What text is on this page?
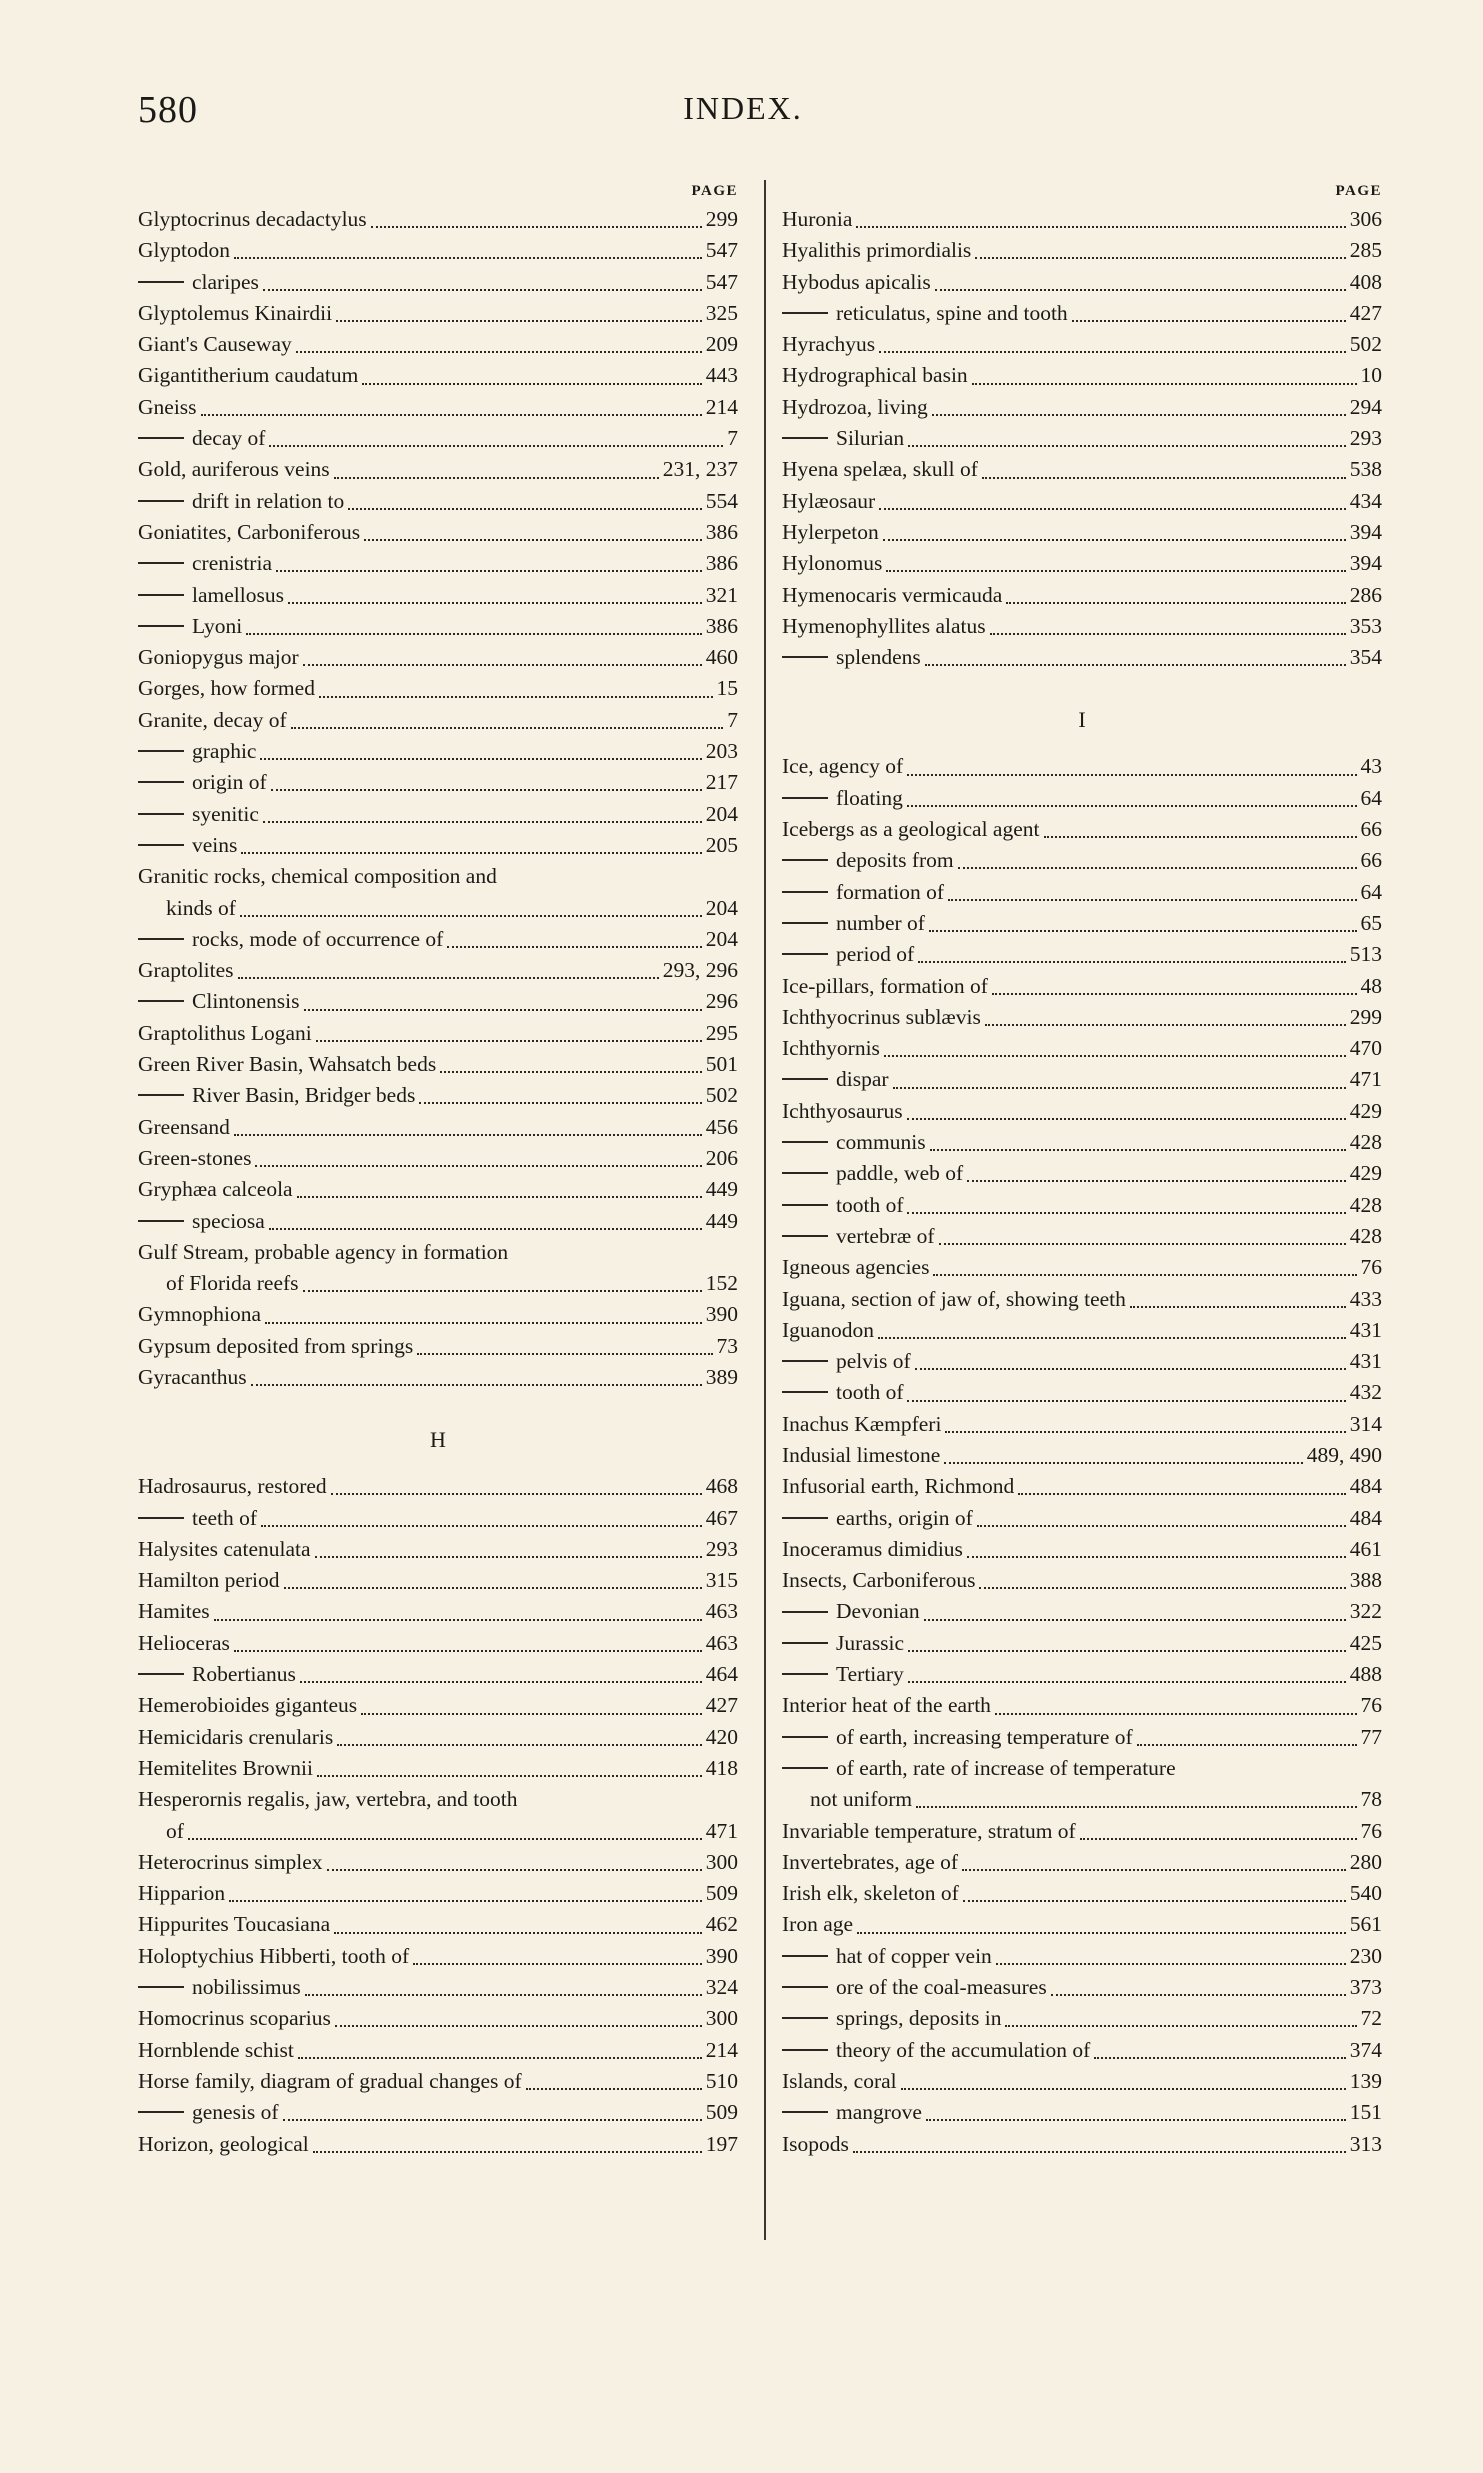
580	INDEX.
PAGE
Glyptocrinus decadactylus	299
Glyptodon	547
claripes	547
Glyptolemus Kinairdii	325
Giant's Causeway	209
Gigantitherium caudatum	443
Gneiss	214
decay of	7
Gold, auriferous veins	231, 237
drift in relation to	554
Goniatites, Carboniferous	386
crenistria	386
lamellosus	321
Lyoni	386
Goniopygus major	460
Gorges, how formed	15
Granite, decay of	7
graphic	203
origin of	217
syenitic	204
veins	205
Granitic rocks, chemical composition and
kinds of	204
rocks, mode of occurrence of	204
Graptolites	293, 296
Clintonensis	296
Graptolithus Logani	295
Green River Basin, Wahsatch beds	501
River Basin, Bridger beds	502
Greensand	456
Green-stones	206
Gryphæa calceola	449
speciosa	449
Gulf Stream, probable agency in formation
of Florida reefs	152
Gymnophiona	390
Gypsum deposited from springs	73
Gyracanthus	389
H
Hadrosaurus, restored	468
teeth of	467
Halysites catenulata	293
Hamilton period	315
Hamites	463
Helioceras	463
Robertianus	464
Hemerobioides giganteus	427
Hemicidaris crenularis	420
Hemitelites Brownii	418
Hesperornis regalis, jaw, vertebra, and tooth
of	471
Heterocrinus simplex	300
Hipparion	509
Hippurites Toucasiana	462
Holoptychius Hibberti, tooth of	390
nobilissimus	324
Homocrinus scoparius	300
Hornblende schist	214
Horse family, diagram of gradual changes of	510
genesis of	509
Horizon, geological	197
PAGE
Huronia	306
Hyalithis primordialis	285
Hybodus apicalis	408
reticulatus, spine and tooth	427
Hyrachyus	502
Hydrographical basin	10
Hydrozoa, living	294
Silurian	293
Hyena spelæa, skull of	538
Hylæosaur	434
Hylerpeton	394
Hylonomus	394
Hymenocaris vermicauda	286
Hymenophyllites alatus	353
splendens	354
I
Ice, agency of	43
floating	64
Icebergs as a geological agent	66
deposits from	66
formation of	64
number of	65
period of	513
Ice-pillars, formation of	48
Ichthyocrinus sublævis	299
Ichthyornis	470
dispar	471
Ichthyosaurus	429
communis	428
paddle, web of	429
tooth of	428
vertebræ of	428
Igneous agencies	76
Iguana, section of jaw of, showing teeth	433
Iguanodon	431
pelvis of	431
tooth of	432
Inachus Kæmpferi	314
Indusial limestone	489, 490
Infusorial earth, Richmond	484
earths, origin of	484
Inoceramus dimidius	461
Insects, Carboniferous	388
Devonian	322
Jurassic	425
Tertiary	488
Interior heat of the earth	76
of earth, increasing temperature of	77
of earth, rate of increase of temperature
not uniform	78
Invariable temperature, stratum of	76
Invertebrates, age of	280
Irish elk, skeleton of	540
Iron age	561
hat of copper vein	230
ore of the coal-measures	373
springs, deposits in	72
theory of the accumulation of	374
Islands, coral	139
mangrove	151
Isopods	313
